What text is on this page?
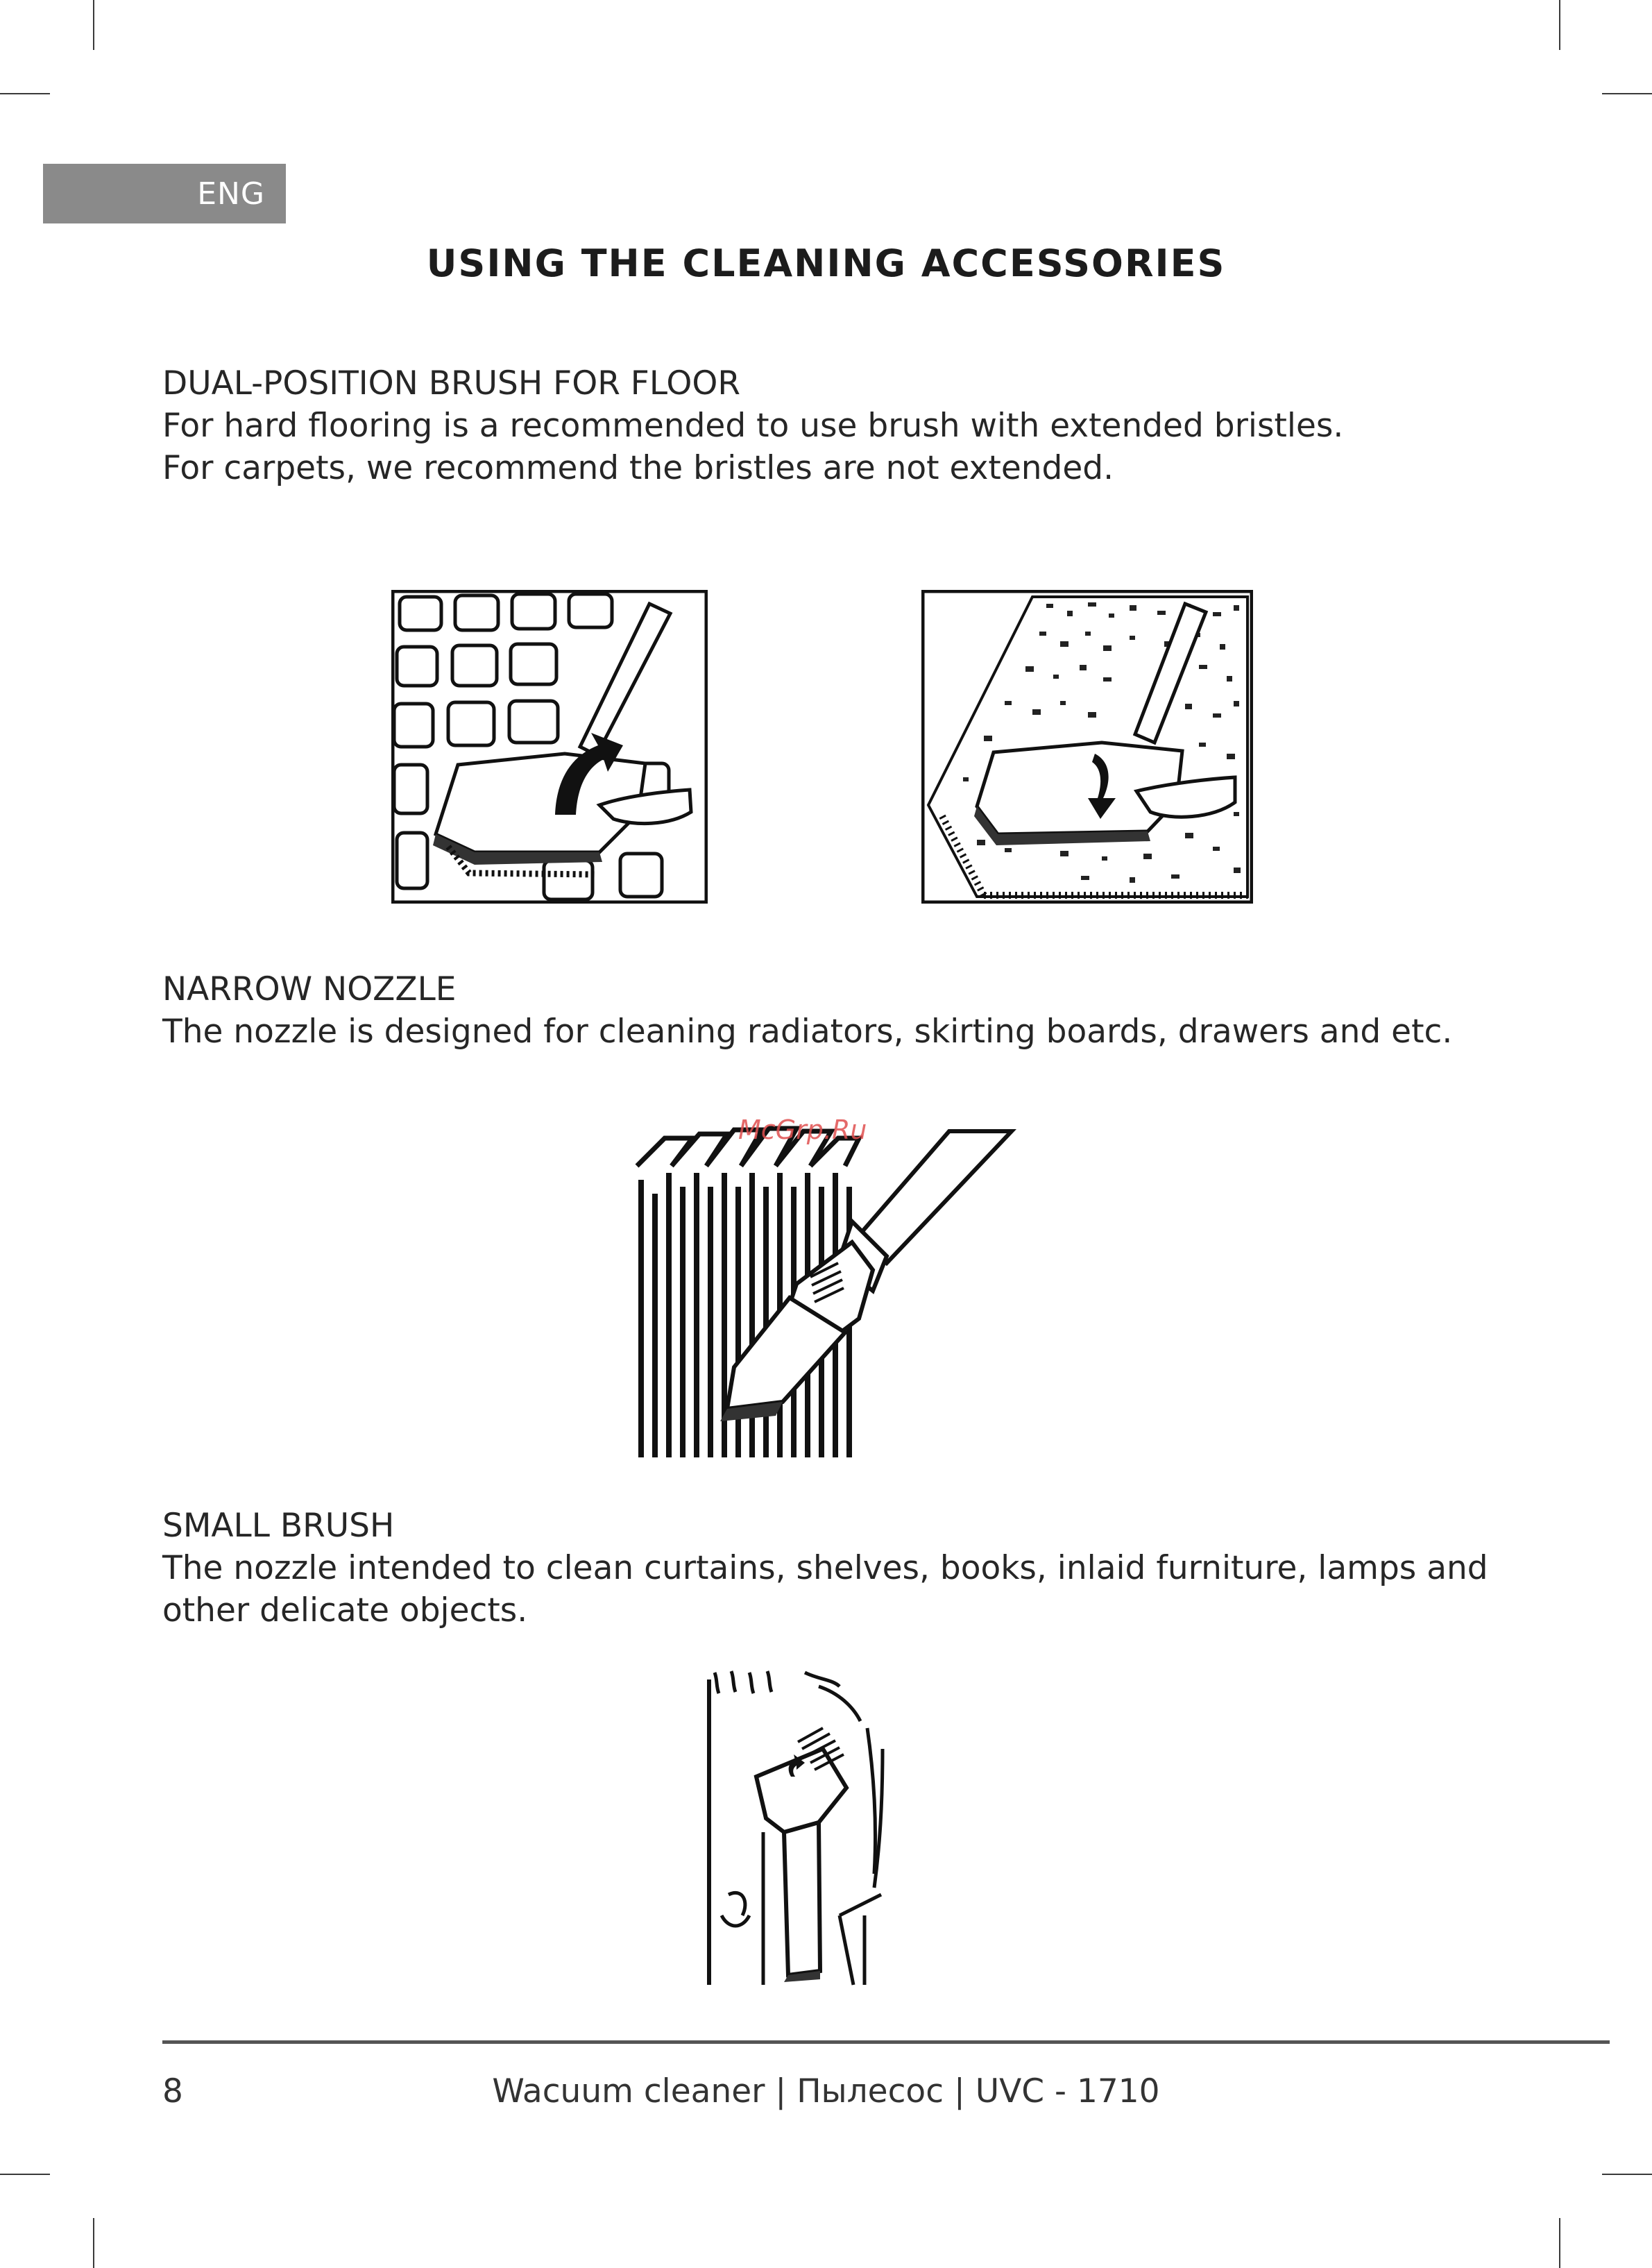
ENG
USING THE CLEANING ACCESSORIES

DUAL-POSITION BRUSH FOR FLOOR

For hard flooring is a recommended to use brush with extended bristles.

For carpets, we recommend the bristles are not extended.

NARROW NOZZLE

The nozzle is designed for cleaning radiators, skirting boards, drawers and etc.

McGrp.Ru

SMALL BRUSH

The nozzle intended to clean curtains, shelves, books, inlaid furniture, lamps and

other delicate objects.

8	Wacuum cleaner | Пылесос | UVC - 1710
